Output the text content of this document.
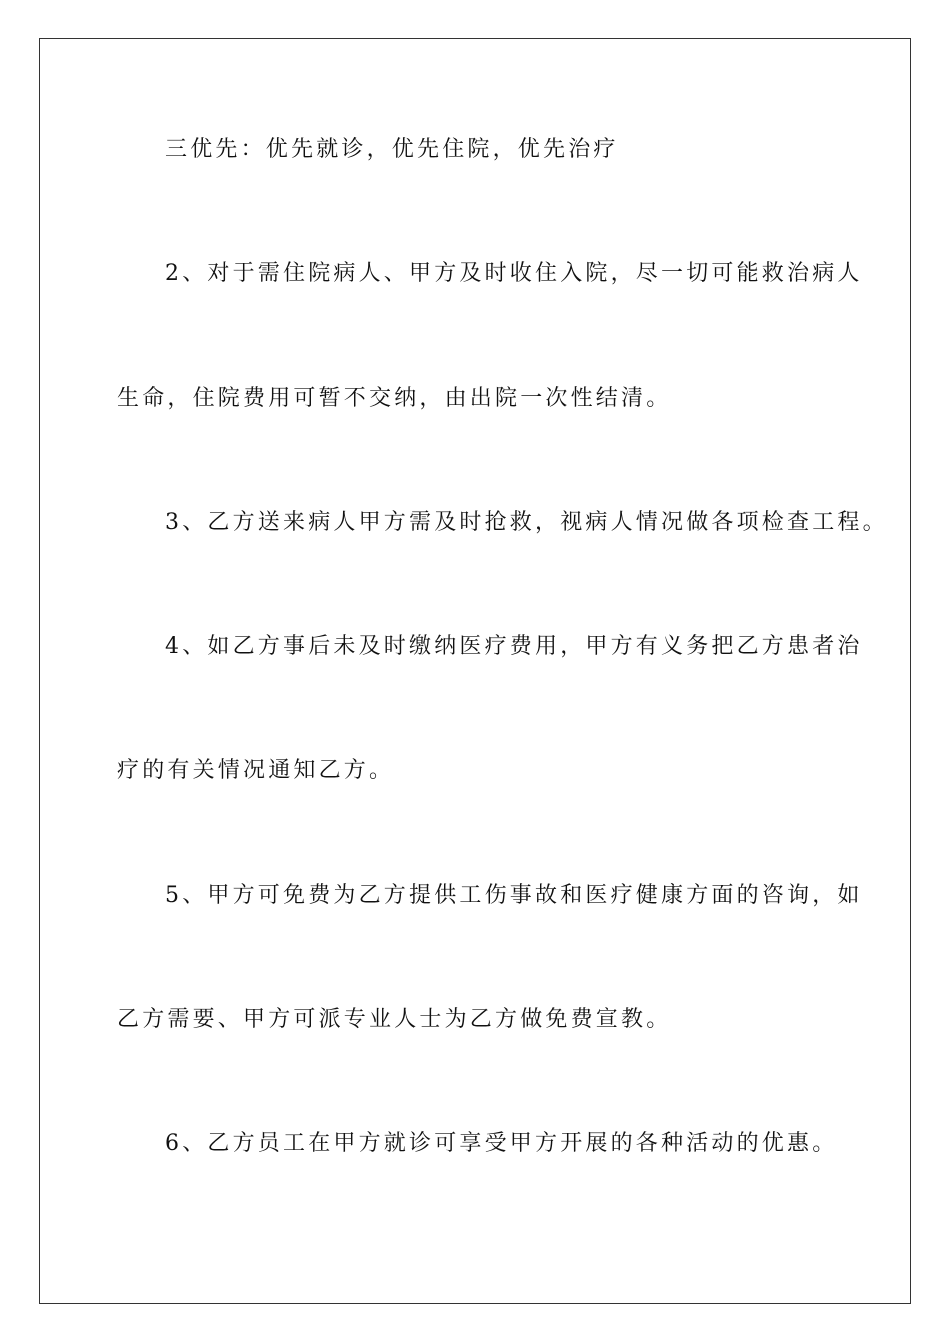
三优先：优先就诊，优先住院，优先治疗
2、对于需住院病人、甲方及时收住入院，尽一切可能救治病人
生命，住院费用可暂不交纳，由出院一次性结清。
3、乙方送来病人甲方需及时抢救，视病人情况做各项检查工程。
4、如乙方事后未及时缴纳医疗费用，甲方有义务把乙方患者治
疗的有关情况通知乙方。
5、甲方可免费为乙方提供工伤事故和医疗健康方面的咨询，如
乙方需要、甲方可派专业人士为乙方做免费宣教。
6、乙方员工在甲方就诊可享受甲方开展的各种活动的优惠。
